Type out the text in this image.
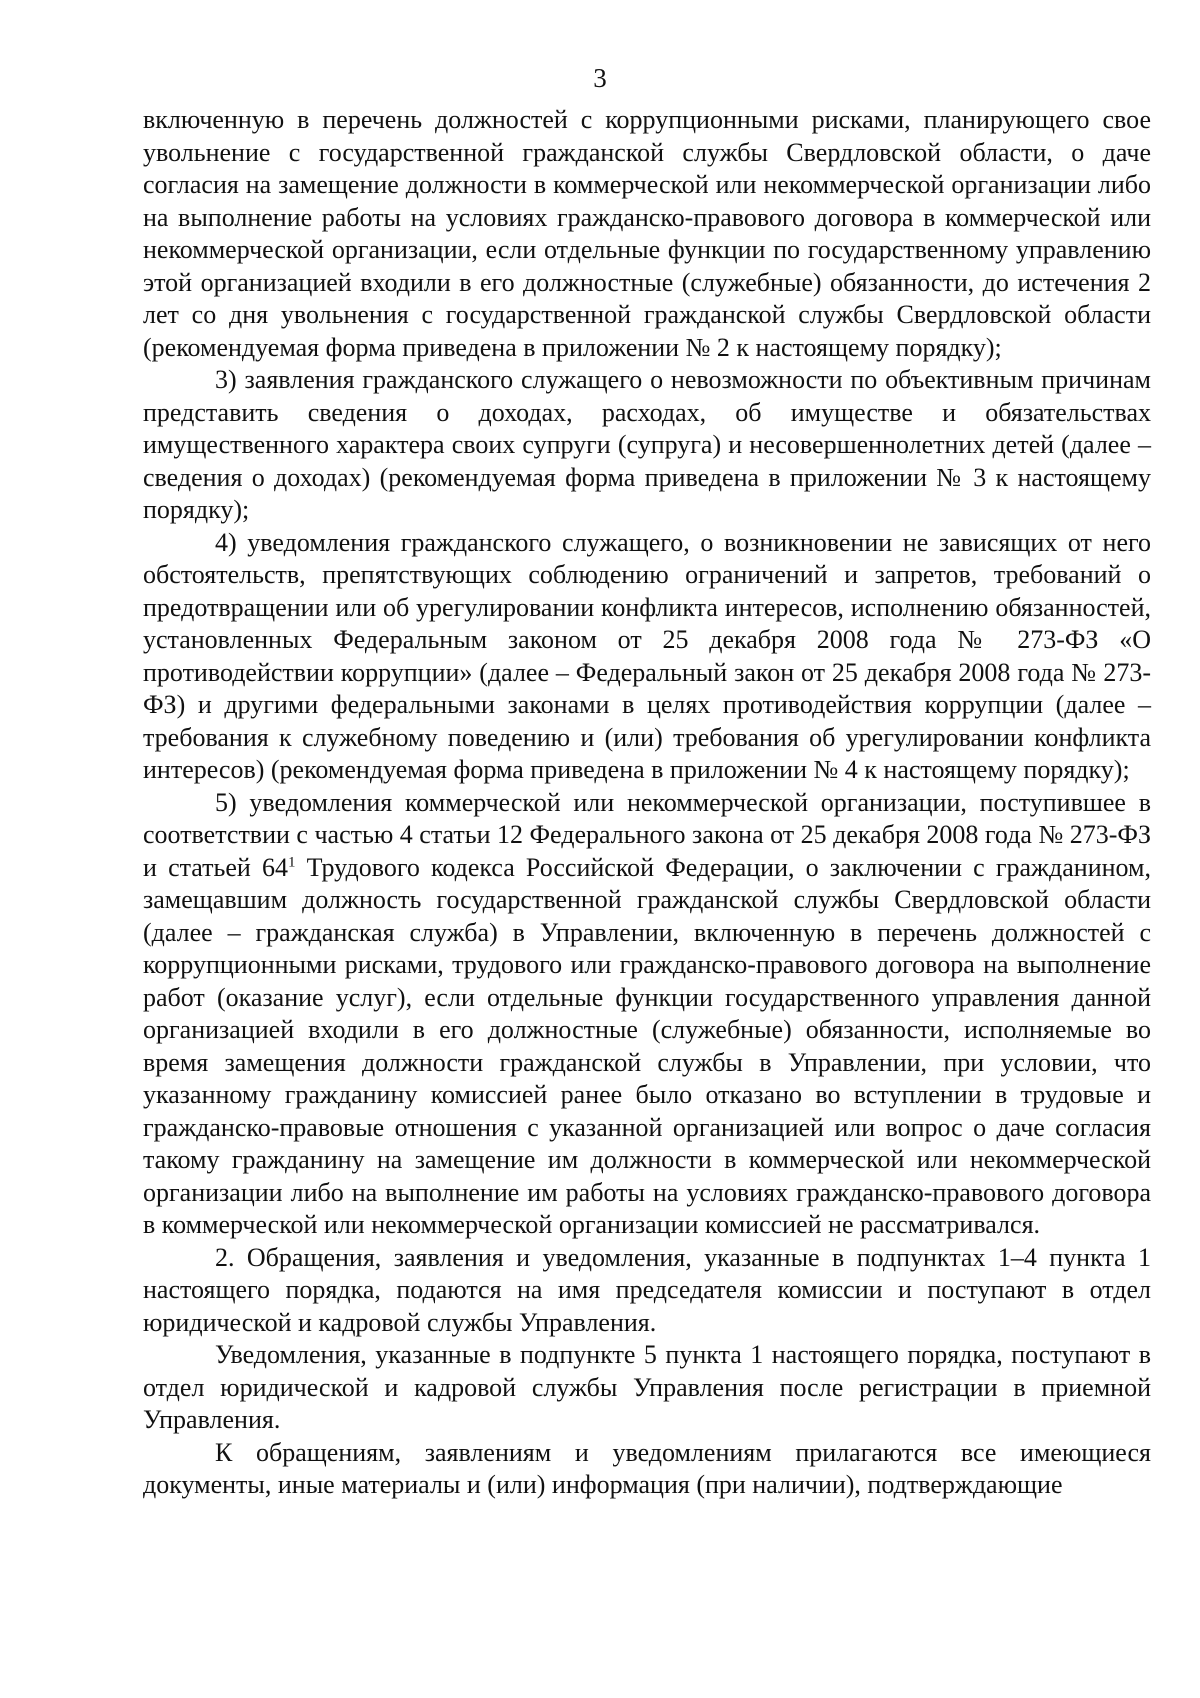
3

включенную в перечень должностей с коррупционными рисками, планирующего свое увольнение с государственной гражданской службы Свердловской области, о даче согласия на замещение должности в коммерческой или некоммерческой организации либо на выполнение работы на условиях гражданско-правового договора в коммерческой или некоммерческой организации, если отдельные функции по государственному управлению этой организацией входили в его должностные (служебные) обязанности, до истечения 2 лет со дня увольнения с государственной гражданской службы Свердловской области (рекомендуемая форма приведена в приложении № 2 к настоящему порядку);

3) заявления гражданского служащего о невозможности по объективным причинам представить сведения о доходах, расходах, об имуществе и обязательствах имущественного характера своих супруги (супруга) и несовершеннолетних детей (далее – сведения о доходах) (рекомендуемая форма приведена в приложении № 3 к настоящему порядку);

4) уведомления гражданского служащего, о возникновении не зависящих от него обстоятельств, препятствующих соблюдению ограничений и запретов, требований о предотвращении или об урегулировании конфликта интересов, исполнению обязанностей, установленных Федеральным законом от 25 декабря 2008 года № 273-ФЗ «О противодействии коррупции» (далее – Федеральный закон от 25 декабря 2008 года № 273-ФЗ) и другими федеральными законами в целях противодействия коррупции (далее – требования к служебному поведению и (или) требования об урегулировании конфликта интересов) (рекомендуемая форма приведена в приложении № 4 к настоящему порядку);

5) уведомления коммерческой или некоммерческой организации, поступившее в соответствии с частью 4 статьи 12 Федерального закона от 25 декабря 2008 года № 273-ФЗ и статьей $64^1$ Трудового кодекса Российской Федерации, о заключении с гражданином, замещавшим должность государственной гражданской службы Свердловской области (далее – гражданская служба) в Управлении, включенную в перечень должностей с коррупционными рисками, трудового или гражданско-правового договора на выполнение работ (оказание услуг), если отдельные функции государственного управления данной организацией входили в его должностные (служебные) обязанности, исполняемые во время замещения должности гражданской службы в Управлении, при условии, что указанному гражданину комиссией ранее было отказано во вступлении в трудовые и гражданско-правовые отношения с указанной организацией или вопрос о даче согласия такому гражданину на замещение им должности в коммерческой или некоммерческой организации либо на выполнение им работы на условиях гражданско-правового договора в коммерческой или некоммерческой организации комиссией не рассматривался.

2. Обращения, заявления и уведомления, указанные в подпунктах 1–4 пункта 1 настоящего порядка, подаются на имя председателя комиссии и поступают в отдел юридической и кадровой службы Управления.

Уведомления, указанные в подпункте 5 пункта 1 настоящего порядка, поступают в отдел юридической и кадровой службы Управления после регистрации в приемной Управления.

К обращениям, заявлениям и уведомлениям прилагаются все имеющиеся документы, иные материалы и (или) информация (при наличии), подтверждающие
